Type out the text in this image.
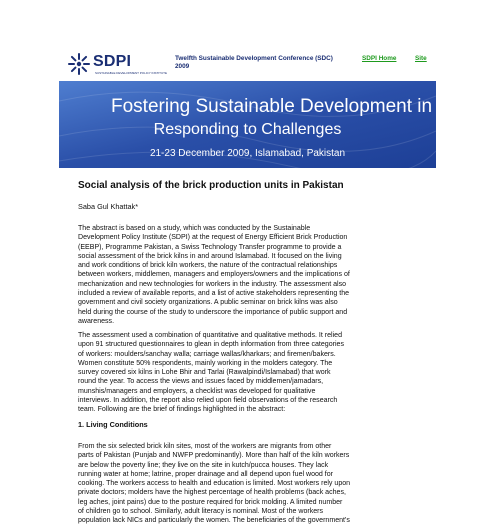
SDPI
SUSTAINABLE DEVELOPMENT POLICY INSTITUTE
Twelfth Sustainable Development Conference (SDC) 2009
SDPI Home	Site
Fostering Sustainable Development in South A
Responding to Challenges
21-23 December 2009, Islamabad, Pakistan
Social analysis of the brick production units in Pakistan
Saba Gul Khattak*
The abstract is based on a study, which was conducted by the Sustainable
Development Policy Institute (SDPI) at the request of Energy Efficient Brick Production
(EEBP), Programme Pakistan, a Swiss Technology Transfer programme to provide a
social assessment of the brick kilns in and around Islamabad. It focused on the living
and work conditions of brick kiln workers, the nature of the contractual relationships
between workers, middlemen, managers and employers/owners and the implications of
mechanization and new technologies for workers in the industry. The assessment also
included a review of available reports, and a list of active stakeholders representing the
government and civil society organizations. A public seminar on brick kilns was also
held during the course of the study to underscore the importance of public support and
awareness.
The assessment used a combination of quantitative and qualitative methods. It relied
upon 91 structured questionnaires to glean in depth information from three categories
of workers: moulders/sanchay walla; carriage wallas/kharkars; and firemen/bakers.
Women constitute 50% respondents, mainly working in the molders category. The
survey covered six kilns in Lohe Bhir and Tarlai (Rawalpindi/Islamabad) that work
round the year. To access the views and issues faced by middlemen/jamadars,
munshis/managers and employers, a checklist was developed for qualitative
interviews. In addition, the report also relied upon field observations of the research
team. Following are the brief of findings highlighted in the abstract:
1. Living Conditions
From the six selected brick kiln sites, most of the workers are migrants from other
parts of Pakistan (Punjab and NWFP predominantly). More than half of the kiln workers
are below the poverty line; they live on the site in kutch/pucca houses. They lack
running water at home; latrine, proper drainage and all depend upon fuel wood for
cooking. The workers access to health and education is limited. Most workers rely upon
private doctors; molders have the highest percentage of health problems (back aches,
leg aches, joint pains) due to the posture required for brick molding. A limited number
of children go to school. Similarly, adult literacy is nominal. Most of the workers
population lack NICs and particularly the women. The beneficiaries of the government's
